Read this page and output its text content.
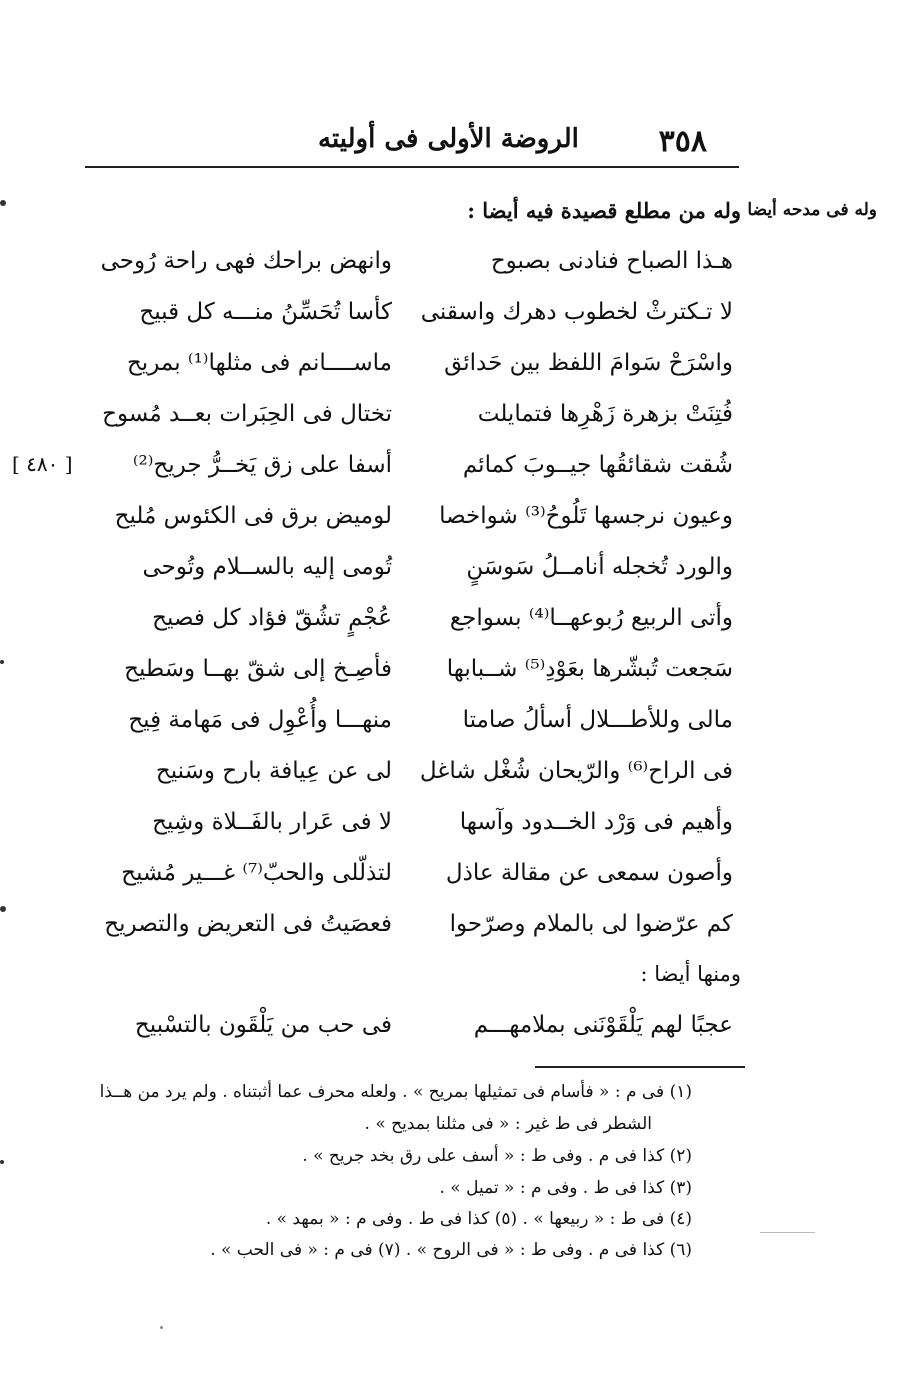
٣٥٨
الروضة الأولى فى أوليته
وله فى مدحه أيضا
[ ٤٨٠ ]
وله من مطلع قصيدة فيه أيضا :
هـذا الصباح فنادنى بصبوح
وانهض براحك فهى راحة رُوحى
لا تـكترثْ لخطوب دهرك واسقنى
كأسا تُحَسِّنُ منـــه كل قبيح
واسْرَحْ سَوامَ اللفظ بين حَدائق
ماســــانم فى مثلها⁽¹⁾ بمريح
فُتِنَتْ بزهرة زَهْرِها فتمايلت
تختال فى الحِبَرات بعــد مُسوح
شُقت شقائقُها جيــوبَ كمائم
أسفا على زق يَخــرُّ جريح⁽²⁾
وعيون نرجسها تَلُوحُ⁽³⁾ شواخصا
لوميض برق فى الكئوس مُليح
والورد تُخجله أنامــلُ سَوسَنٍ
تُومى إليه بالســلام وتُوحى
وأتى الربيع رُبوعهــا⁽⁴⁾ بسواجع
عُجْمٍ تشُقّ فؤاد كل فصيح
سَجعت تُبشّرها بعَوْدِ⁽⁵⁾ شــبابها
فأصِـخ إلى شقّ بهــا وسَطيح
مالى وللأطـــلال أسألُ صامتا
منهـــا وأُعْوِل فى مَهامة فِيح
فى الراح⁽⁶⁾ والرّيحان شُغْل شاغل
لى عن عِيافة بارح وسَنيح
وأهيم فى وَرْد الخــدود وآسها
لا فى عَرار بالفَــلاة وشِيح
وأصون سمعى عن مقالة عاذل
لتذلّلى والحبّ⁽⁷⁾ غـــير مُشيح
كم عرّضوا لى بالملام وصرّحوا
فعصَيتُ فى التعريض والتصريح
ومنها أيضا :
عجبًا لهم يَلْقَوْنَنى بملامهـــم
فى حب من يَلْقَون بالتسْبيح
(١) فى م : « فأسام فى تمثيلها بمريح » . ولعله محرف عما أثبتناه . ولم يرد من هــذا
الشطر فى ط غير : « فى مثلنا بمديح » .
(٢) كذا فى م . وفى ط : « أسف على رق بخد جريح » .
(٣) كذا فى ط . وفى م : « تميل » .
(٤) فى ط : « ربيعها » . (٥) كذا فى ط . وفى م : « بمهد » .
(٦) كذا فى م . وفى ط : « فى الروح » . (٧) فى م : « فى الحب » .
